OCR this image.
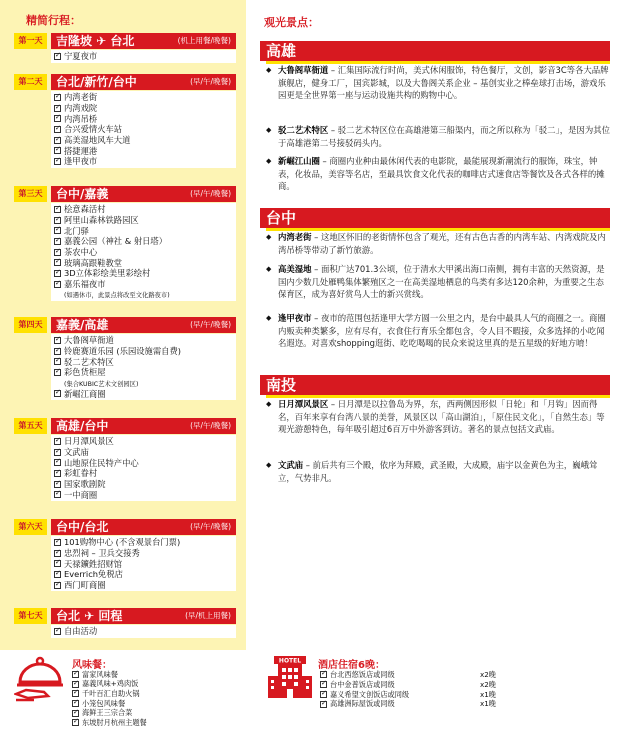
精简行程：
第一天	吉隆坡 ✈ 台北	(机上用餐/晚餐)
✓
宁夏夜市
第二天	台北/新竹/台中	(早/午/晚餐)
✓
内湾老街
✓
内湾戏院
✓
内湾吊桥
✓
合兴爱情火车站
✓
高美湿地风车大道
✓
搭捷運港
✓
逢甲夜市
第三天	台中/嘉義	(早/午/晚餐)
✓
桧意森活村
✓
阿里山森林铁路园区
✓
北门驿
✓
嘉義公园（神社 & 射日塔）
✓
茶农中心
✓
玻璃高跟鞋教堂
✓
3D立体彩绘美里彩绘村
✓
嘉乐福夜市
(如遇休市，此景点将改至文化路夜市)
第四天	嘉義/高雄	(早/午/晚餐)
✓
大鲁阁草衙道
✓
铃鹿赛道乐园 (乐园设施需自费)
✓
驳二艺术特区
✓
彩色货柜屋
(集合KUBIC艺术文创园区)
✓
新崛江商圈
第五天	高雄/台中	(早/午/晚餐)
✓
日月潭风景区
✓
文武庙
✓
山地原住民特产中心
✓
彩虹眷村
✓
国家歌剧院
✓
一中商圈
第六天	台中/台北	(早/午/晚餐)
✓
101购物中心 (不含观景台门票)
✓
忠烈祠 – 卫兵交接秀
✓
天禄鑛鉎招财馆
✓
Everrich免税店
✓
西门町商圈
第七天	台北 ✈ 回程	(早/机上用餐)
✓
自由活动
观光景点：
高雄
◆ 大鲁阁草衙道 – 汇集国际流行时尚，美式休闲服饰，特色餐厅，文创，影音3C等各大品牌旗舰店，健身工厂，国宾影城，以及大鲁阁关系企业 – 基创实业之棒垒球打击场，游戏乐园更是全世界第一座与运动设施共构的购物中心。
◆ 驳二艺术特区 – 驳二艺术特区位在高雄港第三船渠内，而之所以称为「驳二」，是因为其位于高雄港第二号接驳码头内。
◆ 新崛江山圈 – 商圈内业种由最休闲代表的电影院，最能展现新潮流行的服饰，珠宝，钟表，化妆品，美容等名店，至最具饮食文化代表的咖啡店式速食店等餐饮及各式各样的摊商。
台中
◆ 内湾老街 – 这地区怀旧的老街情怀包含了观光，还有古色古香的内湾车站、内湾戏院及内湾吊桥等带动了新竹旅游。
◆ 高美湿地 – 面积广达701.3公顷，位于清水大甲溪出海口南侧，拥有丰富的天然资源，是国内少数几处雁鸭集体繁殖区之一在高美湿地栖息的鸟类有多达120余种，为重要之生态保育区，成为喜好赏鸟人士的新兴赏线。
◆ 逢甲夜市 – 夜市的范围包括逢甲大学方圆一公里之内，是台中最具人气的商圈之一。商圈内贩卖种类繁多，应有尽有，衣食住行育乐全都包含，令人目不暇接，众多选择的小吃闻名遐迩。对喜欢shopping逛街、吃吃喝喝的民众来说这里真的是五星级的好地方唷！
南投
◆ 日月潭风景区 – 日月潭是以拉鲁岛为界，东，西两侧因形似「日轮」和「月钩」因而得名，百年来享有台湾八景的美誉，风景区以「高山湖泊」，「原住民文化」，「自然生态」等观光游憩特色，每年吸引超过6百万中外游客到访。著名的景点包括文武庙。
◆ 文武庙 – 前后共有三个殿，依序为拜殿，武圣殿，大成殿，庙宇以金黄色为主，巍峨耸立，气势非凡。
风味餐：
✓
富家风味餐
✓
嘉義风味+鸡肉饭
✓
千叶百汇自助火锅
✓
小笼包风味餐
✓
海鲜王三宗合菜
✓
东坡肘月杭州主题餐
HOTEL 酒店住宿6晚：
✓
台北西悠饭店或同级	x2晚
✓
台中金普饭店或同级	x2晚
✓
嘉义希望文创饭店或同级	x1晚
✓
高雄洲际屋饭或同级	x1晚
